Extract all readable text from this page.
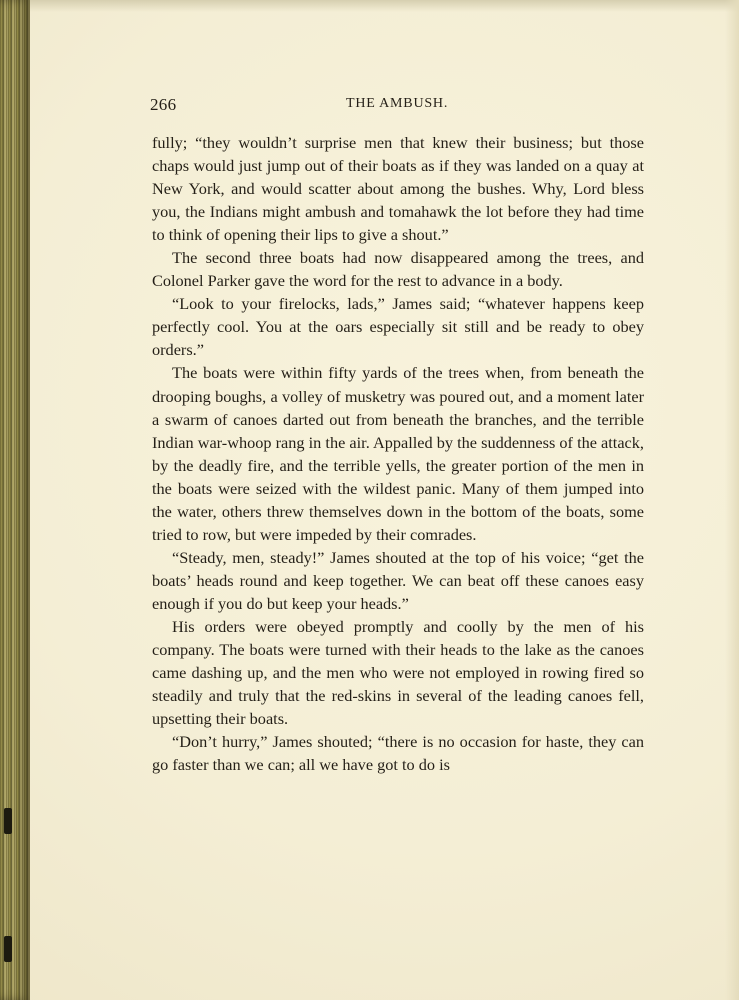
266	THE AMBUSH.

fully; “they wouldn’t surprise men that knew their business; but those chaps would just jump out of their boats as if they was landed on a quay at New York, and would scatter about among the bushes. Why, Lord bless you, the Indians might ambush and tomahawk the lot before they had time to think of opening their lips to give a shout.”

The second three boats had now disappeared among the trees, and Colonel Parker gave the word for the rest to advance in a body.

“Look to your firelocks, lads,” James said; “whatever happens keep perfectly cool. You at the oars especially sit still and be ready to obey orders.”

The boats were within fifty yards of the trees when, from beneath the drooping boughs, a volley of musketry was poured out, and a moment later a swarm of canoes darted out from beneath the branches, and the terrible Indian war-whoop rang in the air. Appalled by the suddenness of the attack, by the deadly fire, and the terrible yells, the greater portion of the men in the boats were seized with the wildest panic. Many of them jumped into the water, others threw themselves down in the bottom of the boats, some tried to row, but were impeded by their comrades.

“Steady, men, steady!” James shouted at the top of his voice; “get the boats’ heads round and keep together. We can beat off these canoes easy enough if you do but keep your heads.”

His orders were obeyed promptly and coolly by the men of his company. The boats were turned with their heads to the lake as the canoes came dashing up, and the men who were not employed in rowing fired so steadily and truly that the red-skins in several of the leading canoes fell, upsetting their boats.

“Don’t hurry,” James shouted; “there is no occasion for haste, they can go faster than we can; all we have got to do is
